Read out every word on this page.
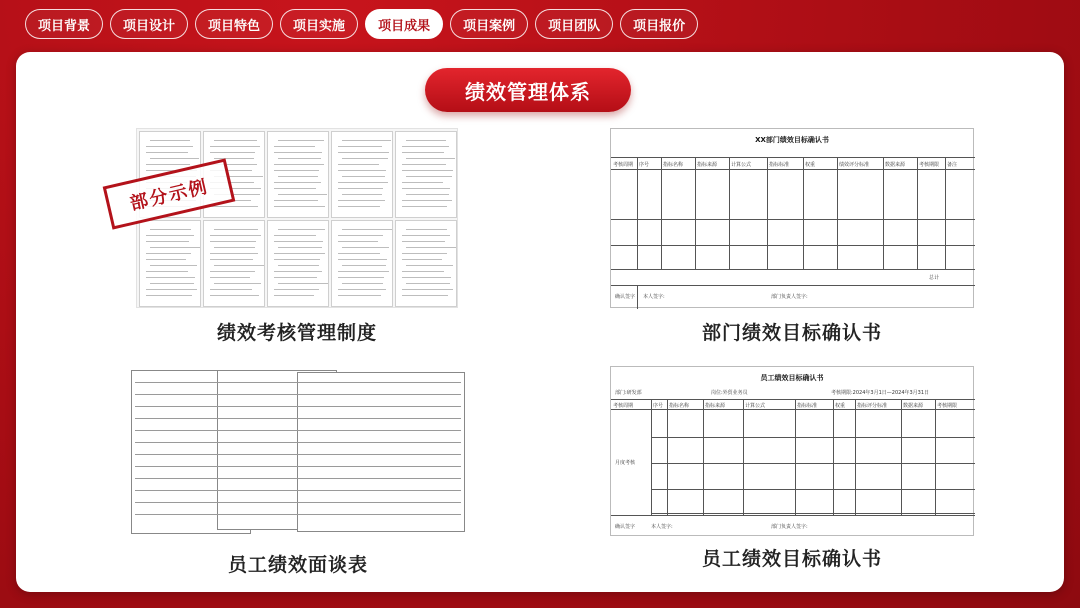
项目背景	项目设计	项目特色	项目实施	项目成果	项目案例	项目团队	项目报价
绩效管理体系
部分示例
绩效考核管理制度
XX部门绩效目标确认书
考核周期 序号	指标名称	指标来源	计算公式	指标标准	权重	绩效评分标准	数据来源	考核期限 备注
总计
确认签字 本人签字:	部门负责人签字:
部门绩效目标确认书
员工绩效面谈表
员工绩效目标确认书
部门:研发部	岗位:外贸业务员	考核期限:2024年3月1日—2024年3月31日
考核周期	序号 指标名称	指标来源	计算公式	指标标准	权重 指标评分标准	数据来源	考核期限
月度考核
确认签字	本人签字:	部门负责人签字:
员工绩效目标确认书
